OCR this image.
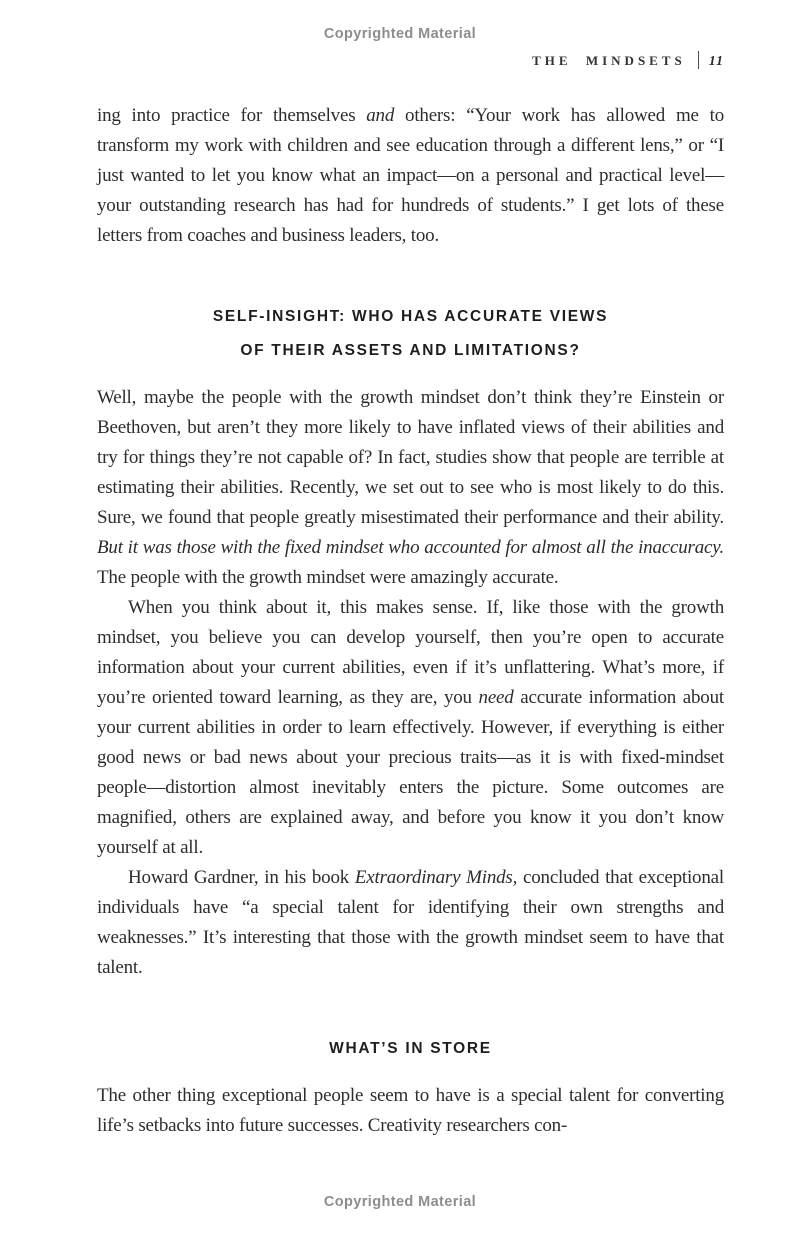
Copyrighted Material
THE MINDSETS 11

ing into practice for themselves and others: “Your work has allowed me to transform my work with children and see education through a different lens,” or “I just wanted to let you know what an impact—on a personal and practical level—your outstanding research has had for hundreds of students.” I get lots of these letters from coaches and business leaders, too.

SELF-INSIGHT: WHO HAS ACCURATE VIEWS
OF THEIR ASSETS AND LIMITATIONS?

Well, maybe the people with the growth mindset don’t think they’re Einstein or Beethoven, but aren’t they more likely to have inflated views of their abilities and try for things they’re not capable of? In fact, studies show that people are terrible at estimating their abilities. Recently, we set out to see who is most likely to do this. Sure, we found that people greatly misestimated their performance and their ability. But it was those with the fixed mindset who accounted for almost all the inaccuracy. The people with the growth mindset were amazingly accurate.

When you think about it, this makes sense. If, like those with the growth mindset, you believe you can develop yourself, then you’re open to accurate information about your current abilities, even if it’s unflattering. What’s more, if you’re oriented toward learning, as they are, you need accurate information about your current abilities in order to learn effectively. However, if everything is either good news or bad news about your precious traits—as it is with fixed-mindset people—distortion almost inevitably enters the picture. Some outcomes are magnified, others are explained away, and before you know it you don’t know yourself at all.

Howard Gardner, in his book Extraordinary Minds, concluded that exceptional individuals have “a special talent for identifying their own strengths and weaknesses.” It’s interesting that those with the growth mindset seem to have that talent.

WHAT’S IN STORE

The other thing exceptional people seem to have is a special talent for converting life’s setbacks into future successes. Creativity researchers con-

Copyrighted Material
